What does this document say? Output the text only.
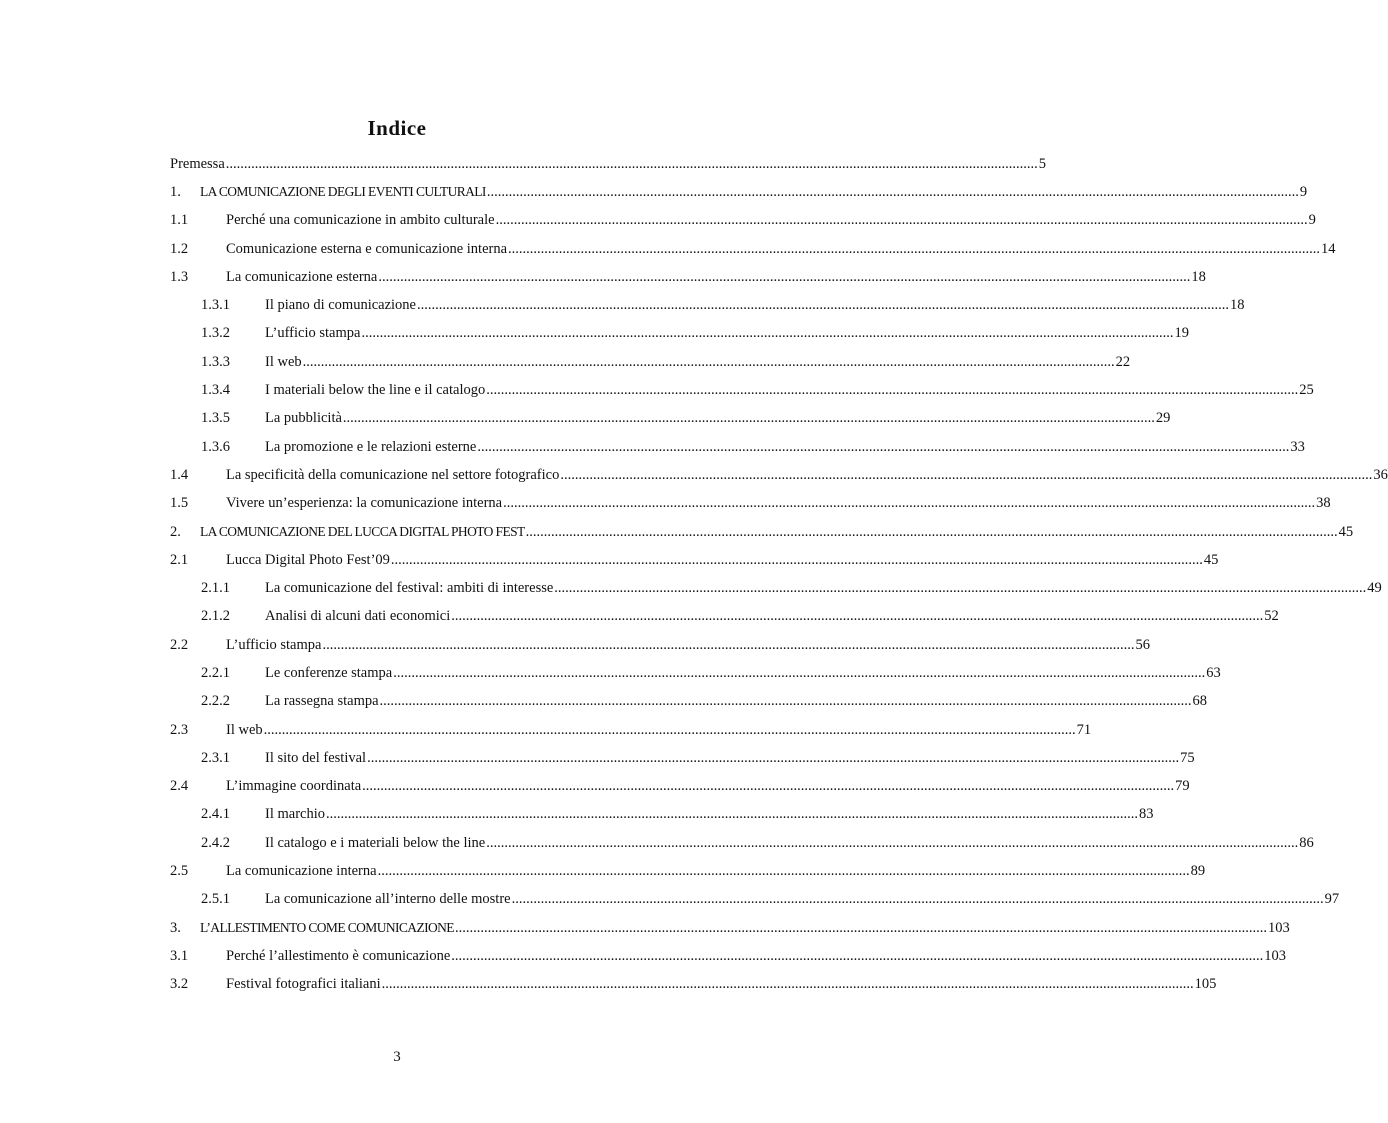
Indice
Premessa .....	5
1.	LA COMUNICAZIONE DEGLI EVENTI CULTURALI .....	9
1.1	Perché una comunicazione in ambito culturale .....	9
1.2	Comunicazione esterna e comunicazione interna .....	14
1.3	La comunicazione esterna .....	18
1.3.1	Il piano di comunicazione .....	18
1.3.2	L’ufficio stampa .....	19
1.3.3	Il web .....	22
1.3.4	I materiali below the line e il catalogo .....	25
1.3.5	La pubblicità .....	29
1.3.6	La promozione e le relazioni esterne .....	33
1.4	La specificità della comunicazione nel settore fotografico .....	36
1.5	Vivere un’esperienza: la comunicazione interna .....	38
2.	LA COMUNICAZIONE DEL LUCCA DIGITAL PHOTO FEST .....	45
2.1	Lucca Digital Photo Fest’09 .....	45
2.1.1	La comunicazione del festival: ambiti di interesse .....	49
2.1.2	Analisi di alcuni dati economici .....	52
2.2	L’ufficio stampa .....	56
2.2.1	Le conferenze stampa .....	63
2.2.2	La rassegna stampa .....	68
2.3	Il web .....	71
2.3.1	Il sito del festival .....	75
2.4	L’immagine coordinata .....	79
2.4.1	Il marchio .....	83
2.4.2	Il catalogo e i materiali below the line .....	86
2.5	La comunicazione interna .....	89
2.5.1	La comunicazione all’interno delle mostre .....	97
3.	L’ALLESTIMENTO COME COMUNICAZIONE .....	103
3.1	Perché l’allestimento è comunicazione .....	103
3.2	Festival fotografici italiani .....	105
3
